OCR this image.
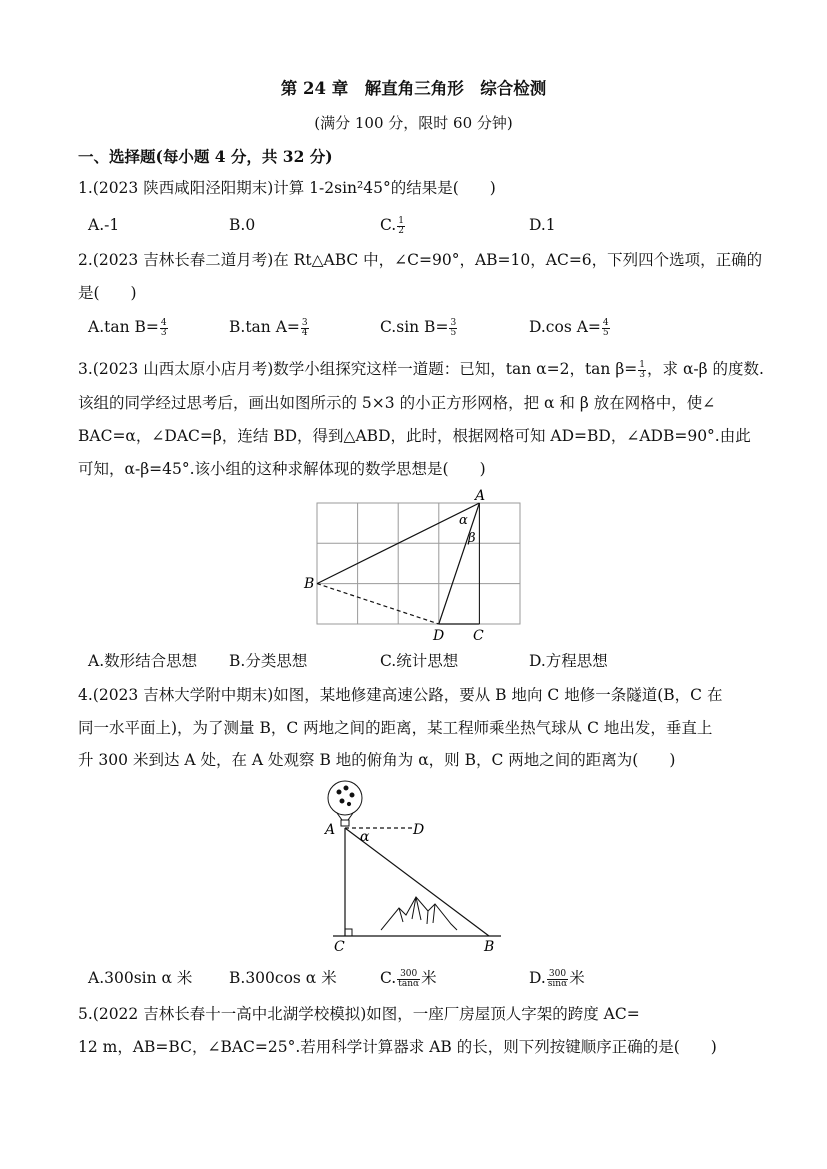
第 24 章　解直角三角形　综合检测
(满分 100 分，限时 60 分钟)
一、选择题(每小题 4 分，共 32 分)
1.(2023 陕西咸阳泾阳期末)计算 1-2sin²45°的结果是(　　)
A.-1	B.0	C. $\frac{1}{2}$	D.1
2.(2023 吉林长春二道月考)在 Rt△ABC 中，∠C=90°，AB=10，AC=6，下列四个选项，正确的
是(　　)
A.tan $B= \frac{4}{3}$	B.tan $A= \frac{3}{4}$	C.sin $B= \frac{3}{5}$	D.cos $A= \frac{4}{5}$
3.(2023 山西太原小店月考)数学小组探究这样一道题：已知，tan α=2，$\tan \beta= \frac{1}{3}$ ，求 α-β 的度数.
该组的同学经过思考后，画出如图所示的 5×3 的小正方形网格，把 α 和 β 放在网格中，使∠
BAC=α，∠DAC=β，连结 BD，得到△ABD，此时，根据网格可知 AD=BD，∠ADB=90°.由此
可知，α-β=45°.该小组的这种求解体现的数学思想是(　　)
A
B
C
D
α
β
A.数形结合思想 B.分类思想	C.统计思想	D.方程思想
4.(2023 吉林大学附中期末)如图，某地修建高速公路，要从 B 地向 C 地修一条隧道(B，C 在
同一水平面上)，为了测量 B，C 两地之间的距离，某工程师乘坐热气球从 C 地出发，垂直上
升 300 米到达 A 处，在 A 处观察 B 地的俯角为 α，则 B，C 两地之间的距离为(　　)
A	D
C	B
α
A.300sin α 米 B.300cos α 米	C. $\frac{300}{\tan\alpha}$ 米	D. $\frac{300}{\sin\alpha}$ 米
5.(2022 吉林长春十一高中北湖学校模拟)如图，一座厂房屋顶人字架的跨度 AC=
12 m，AB=BC，∠BAC=25°.若用科学计算器求 AB 的长，则下列按键顺序正确的是(　　)
